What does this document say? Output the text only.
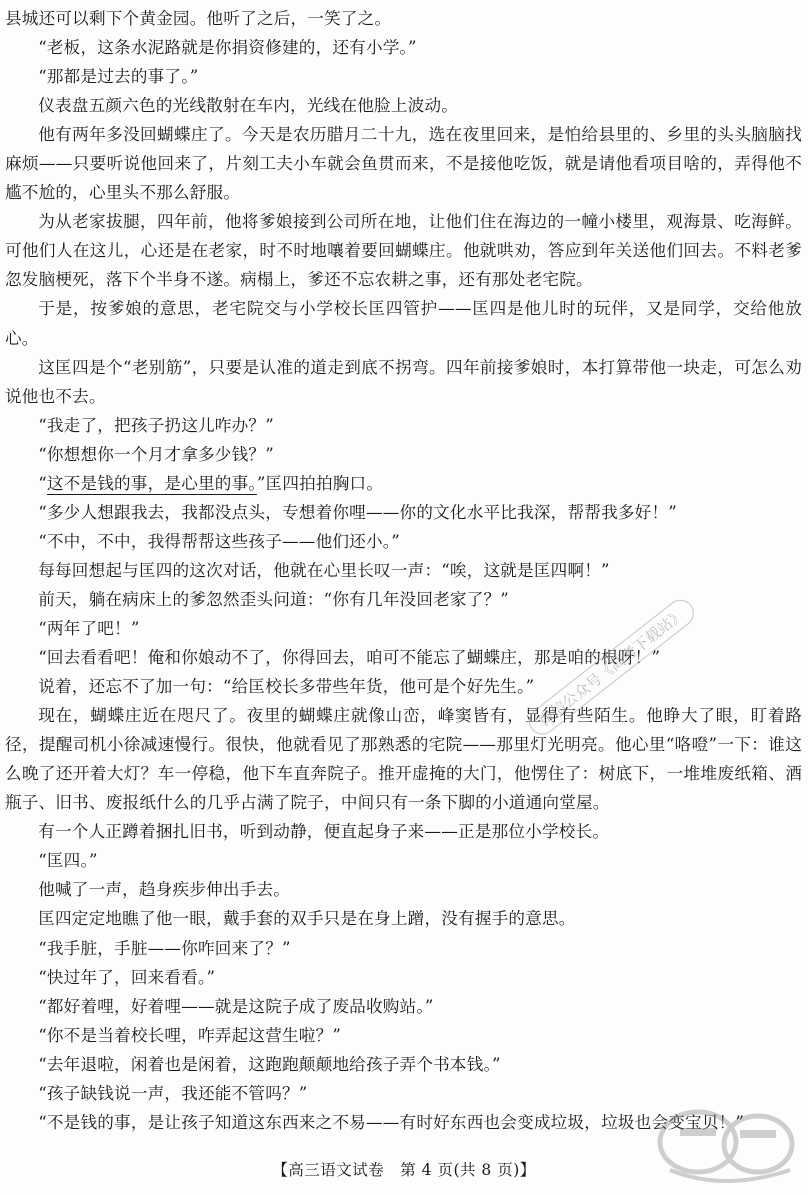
县城还可以剩下个黄金园。他听了之后，一笑了之。

“老板，这条水泥路就是你捐资修建的，还有小学。”

“那都是过去的事了。”

仪表盘五颜六色的光线散射在车内，光线在他脸上波动。

他有两年多没回蝴蝶庄了。今天是农历腊月二十九，选在夜里回来，是怕给县里的、乡里的头头脑脑找麻烦——只要听说他回来了，片刻工夫小车就会鱼贯而来，不是接他吃饭，就是请他看项目啥的，弄得他不尴不尬的，心里头不那么舒服。

为从老家拔腿，四年前，他将爹娘接到公司所在地，让他们住在海边的一幢小楼里，观海景、吃海鲜。可他们人在这儿，心还是在老家，时不时地嚷着要回蝴蝶庄。他就哄劝，答应到年关送他们回去。不料老爹忽发脑梗死，落下个半身不遂。病榻上，爹还不忘农耕之事，还有那处老宅院。

于是，按爹娘的意思，老宅院交与小学校长匡四管护——匡四是他儿时的玩伴，又是同学，交给他放心。

这匡四是个“老别筋”，只要是认准的道走到底不拐弯。四年前接爹娘时，本打算带他一块走，可怎么劝说他也不去。

“我走了，把孩子扔这儿咋办？”

“你想想你一个月才拿多少钱？”

“这不是钱的事，是心里的事。”匡四拍拍胸口。

“多少人想跟我去，我都没点头，专想着你哩——你的文化水平比我深，帮帮我多好！”

“不中，不中，我得帮帮这些孩子——他们还小。”

每每回想起与匡四的这次对话，他就在心里长叹一声：“唉，这就是匡四啊！”

前天，躺在病床上的爹忽然歪头问道：“你有几年没回老家了？”

“两年了吧！”

“回去看看吧！俺和你娘动不了，你得回去，咱可不能忘了蝴蝶庄，那是咱的根呀！”

说着，还忘不了加一句：“给匡校长多带些年货，他可是个好先生。”

现在，蝴蝶庄近在咫尺了。夜里的蝴蝶庄就像山峦，峰窦皆有，显得有些陌生。他睁大了眼，盯着路径，提醒司机小徐减速慢行。很快，他就看见了那熟悉的宅院——那里灯光明亮。他心里“咯噔”一下：谁这么晚了还开着大灯？车一停稳，他下车直奔院子。推开虚掩的大门，他愣住了：树底下，一堆堆废纸箱、酒瓶子、旧书、废报纸什么的几乎占满了院子，中间只有一条下脚的小道通向堂屋。

有一个人正蹲着捆扎旧书，听到动静，便直起身子来——正是那位小学校长。

“匡四。”

他喊了一声，趋身疾步伸出手去。

匡四定定地瞧了他一眼，戴手套的双手只是在身上蹭，没有握手的意思。

“我手脏，手脏——你咋回来了？”

“快过年了，回来看看。”

“都好着哩，好着哩——就是这院子成了废品收购站。”

“你不是当着校长哩，咋弄起这营生啦？”

“去年退啦，闲着也是闲着，这跑跑颠颠地给孩子弄个书本钱。”

“孩子缺钱说一声，我还能不管吗？”

“不是钱的事，是让孩子知道这东西来之不易——有时好东西也会变成垃圾，垃圾也会变宝贝！”

微信公众号《高考下载站》
【高三语文试卷　第 4 页(共 8 页)】
